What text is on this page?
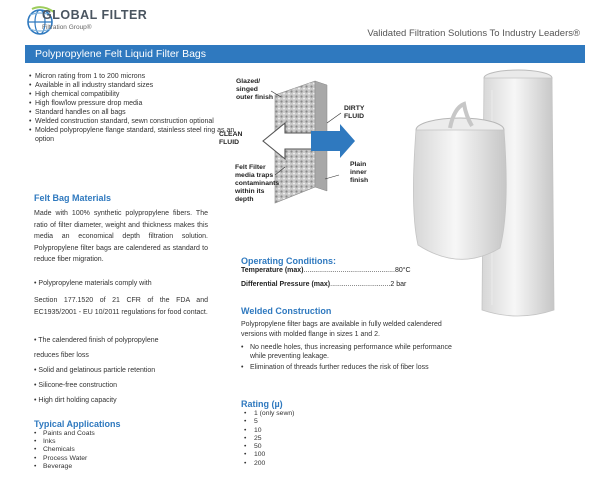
GLOBAL FILTER
Filtration Group®
Validated Filtration Solutions To Industry Leaders®
Polypropylene Felt Liquid Filter Bags
• Micron rating from 1 to 200 microns
• Available in all industry standard sizes
• High chemical compatibility
• High flow/low pressure drop media
• Standard handles on all bags
• Welded construction standard, sewn construction optional
• Molded polypropylene flange standard, stainless steel ring as an option
Felt Bag Materials
Made with 100% synthetic polypropylene fibers. The ratio of filter diameter, weight and thickness makes this media an economical depth filtration solution. Polypropylene filter bags are calendered as standard to reduce fiber migration.
• Polypropylene materials comply with
Section 177.1520 of 21 CFR of the FDA and EC1935/2001 - EU 10/2011 regulations for food contact.
• The calendered finish of polypropylene
reduces fiber loss
• Solid and gelatinous particle retention
• Silicone-free construction
• High dirt holding capacity
Typical Applications
• Paints and Coats
• Inks
• Chemicals
• Process Water
• Beverage
Glazed/
singed
outer finish
DIRTY
FLUID
CLEAN
FLUID
Felt Filter
media traps
contaminants
within its
depth
Plain
inner
finish
Operating Conditions:
Temperature (max)...............................................80°C
Differential Pressure (max)...............................2 bar
Welded Construction
Polypropylene filter bags are available in fully welded calendered versions with molded flange in sizes 1 and 2.
• No needle holes, thus increasing performance while performance while preventing leakage.
• Elimination of threads further reduces the risk of fiber loss
Rating (µ)
• 1 (only sewn)
• 5
• 10
• 25
• 50
• 100
• 200
